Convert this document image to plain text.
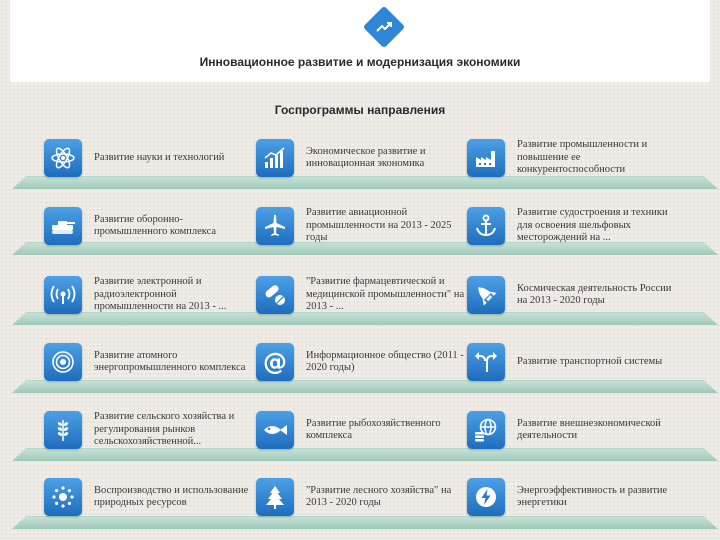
Инновационное развитие и модернизация экономики
Госпрограммы направления
Развитие науки и технологий
Экономическое развитие и инновационная экономика
Развитие промышленности и повышение ее конкурентоспособности
Развитие оборонно-промышленного комплекса
Развитие авиационной промышленности на 2013 - 2025 годы
Развитие судостроения и техники для освоения шельфовых месторождений на ...
Развитие электронной и радиоэлектронной промышленности на 2013 - ...
"Развитие фармацевтической и медицинской промышленности" на 2013 - ...
Космическая деятельность России на 2013 - 2020 годы
Развитие атомного энергопромышленного комплекса @ Информационное общество (2011 - 2020 годы)
Развитие транспортной системы
Развитие сельского хозяйства и регулирования рынков сельскохозяйственной...
Развитие рыбохозяйственного комплекса
Развитие внешнеэкономической деятельности
Воспроизводство и использование природных ресурсов
"Развитие лесного хозяйства" на 2013 - 2020 годы
Энергоэффективность и развитие энергетики
